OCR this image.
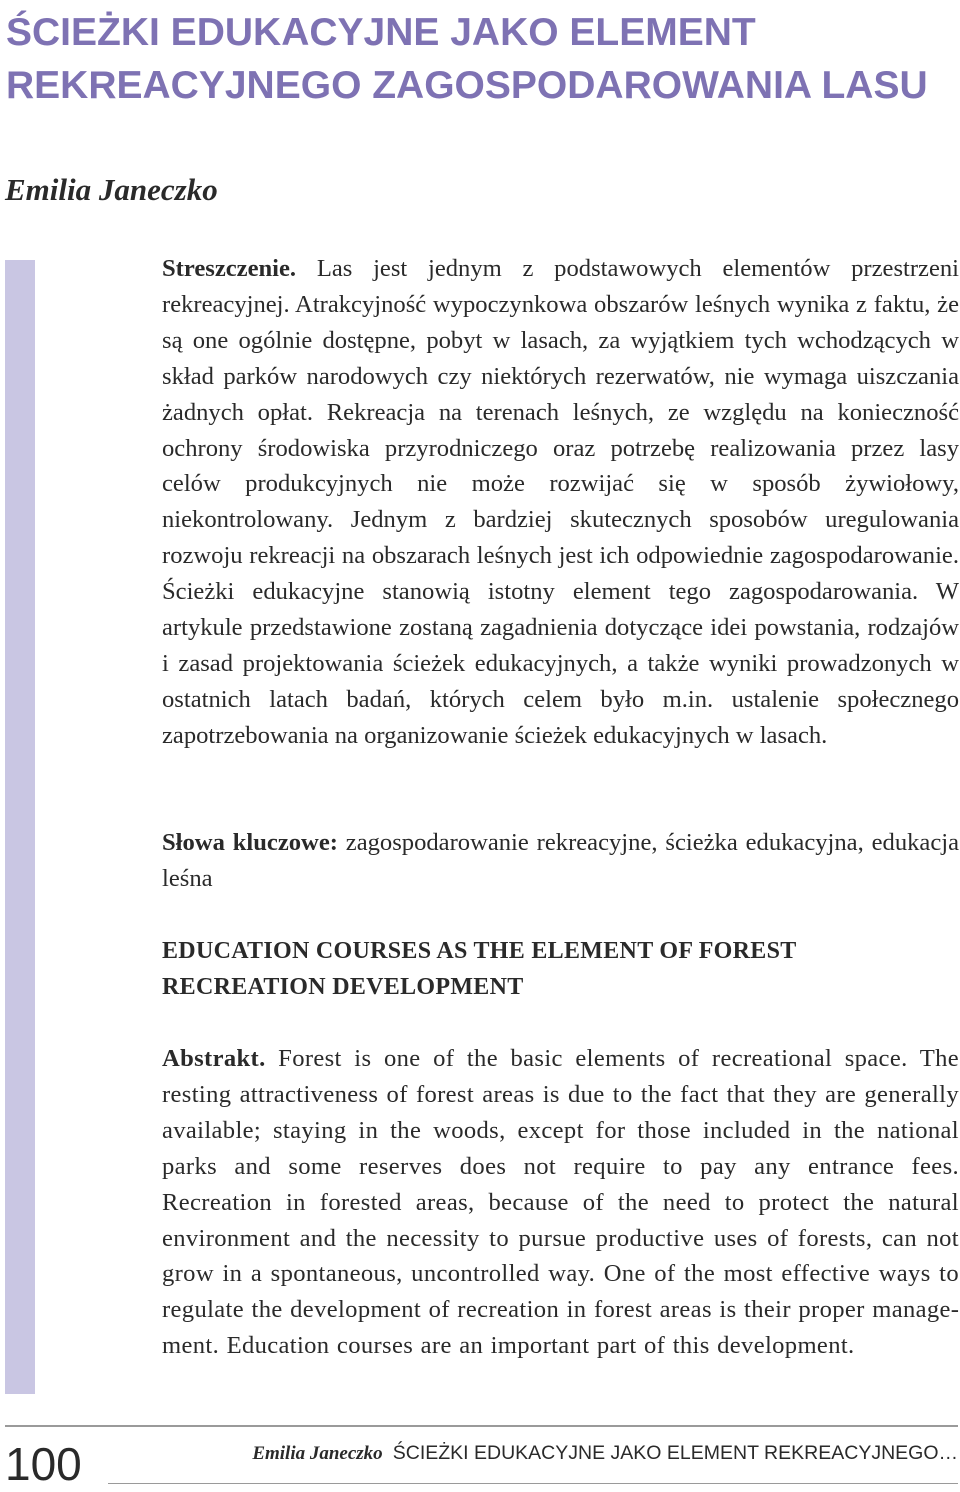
ŚCIEŻKI EDUKACYJNE JAKO ELEMENT
REKREACYJNEGO ZAGOSPODAROWANIA LASU
Emilia Janeczko

Streszczenie. Las jest jednym z podstawowych elementów przestrzeni rekreacyjnej. Atrakcyjność wypoczynkowa obszarów leśnych wynika z faktu, że są one ogólnie dostępne, pobyt w lasach, za wyjątkiem tych wchodzących w skład parków narodowych czy niektórych rezerwatów, nie wymaga uiszczania żadnych opłat. Rekreacja na terenach leśnych, ze względu na konieczność ochrony środowiska przyrodniczego oraz potrzebę realizowania przez lasy celów produkcyjnych nie może rozwijać się w sposób żywiołowy, niekontrolowany. Jednym z bardziej skutecznych sposobów uregulowania rozwoju rekreacji na obszarach leśnych jest ich odpowiednie zagospodarowanie. Ścieżki edukacyjne stanowią istotny element tego zagospodarowania. W artykule przedstawione zostaną zagadnienia dotyczące idei powstania, rodzajów i zasad projektowania ścieżek edukacyjnych, a także wyniki prowadzonych w ostatnich latach badań, których celem było m.in. ustalenie społecznego zapotrzebowania na organizowanie ścieżek edukacyjnych w lasach.

Słowa kluczowe: zagospodarowanie rekreacyjne, ścieżka edukacyjna, edukacja leśna

EDUCATION COURSES AS THE ELEMENT OF FOREST
RECREATION DEVELOPMENT

Abstrakt. Forest is one of the basic elements of recreational space. The resting attractiveness of forest areas is due to the fact that they are generally available; staying in the woods, except for those included in the national parks and some reserves does not require to pay any entrance fees. Recreation in forested areas, because of the need to protect the natural environment and the necessity to pursue productive uses of forests, can not grow in a spontaneous, uncontrolled way. One of the most effective ways to regulate the development of recreation in forest areas is their proper management. Education courses are an important part of this development.

100	Emilia Janeczko ŚCIEŻKI EDUKACYJNE JAKO ELEMENT REKREACYJNEGO…
